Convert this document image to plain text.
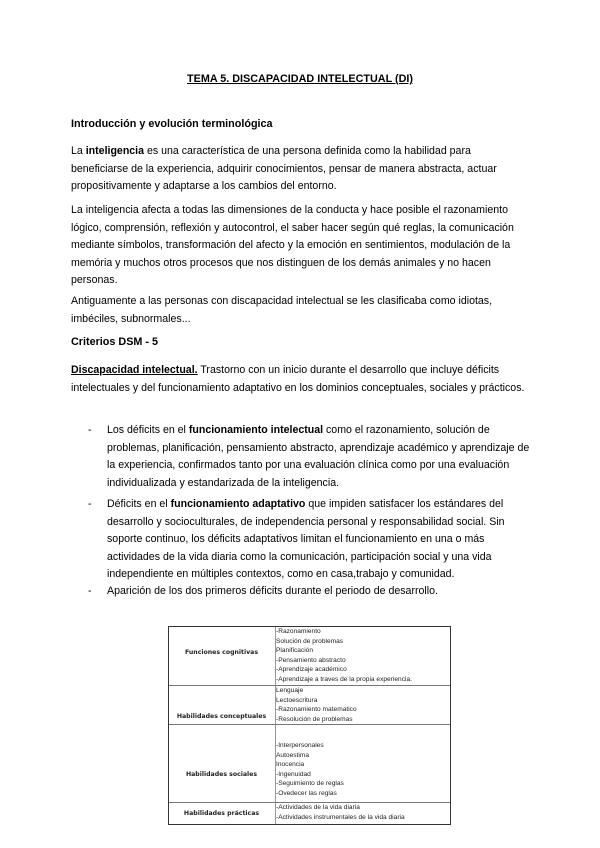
TEMA 5. DISCAPACIDAD INTELECTUAL (DI)
Introducción y evolución terminológica
La inteligencia es una característica de una persona definida como la habilidad para beneficiarse de la experiencia, adquirir conocimientos, pensar de manera abstracta, actuar propositivamente y adaptarse a los cambios del entorno.
La inteligencia afecta a todas las dimensiones de la conducta y hace posible el razonamiento lógico, comprensión, reflexión y autocontrol, el saber hacer según qué reglas, la comunicación mediante símbolos, transformación del afecto y la emoción en sentimientos, modulación de la memória y muchos otros procesos que nos distinguen de los demás animales y no hacen personas.
Antiguamente a las personas con discapacidad intelectual se les clasificaba como idiotas, imbéciles, subnormales...
Criterios DSM - 5
Discapacidad intelectual. Trastorno con un inicio durante el desarrollo que incluye déficits intelectuales y del funcionamiento adaptativo en los dominios conceptuales, sociales y prácticos.
- Los déficits en el funcionamiento intelectual como el razonamiento, solución de problemas, planificación, pensamiento abstracto, aprendizaje académico y aprendizaje de la experiencia, confirmados tanto por una evaluación clínica como por una evaluación individualizada y estandarizada de la inteligencia.
- Déficits en el funcionamiento adaptativo que impiden satisfacer los estándares del desarrollo y socioculturales, de independencia personal y responsabilidad social. Sin soporte continuo, los déficits adaptativos limitan el funcionamiento en una o más actividades de la vida diaria como la comunicación, participación social y una vida independiente en múltiples contextos, como en casa,trabajo y comunidad.
- Aparición de los dos primeros déficits durante el periodo de desarrollo.
Funciones cognitivas
-Razonamiento
Solución de problemas
Planificación
-Pensamiento abstracto
-Aprendizaje académico
-Aprendizaje a traves de la propia experiencia.
Habilidades conceptuales
Lenguaje
Lectoescritura
-Razonamiento matematico
-Resolución de problemas
Habilidades sociales
-Interpersonales
Autoestima
Inocencia
-Ingenuidad
-Seguimiento de reglas
-Ovedecer las reglas
Habilidades prácticas
-Actividades de la vida diaria
-Actividades instrumentales de la vida diaria
